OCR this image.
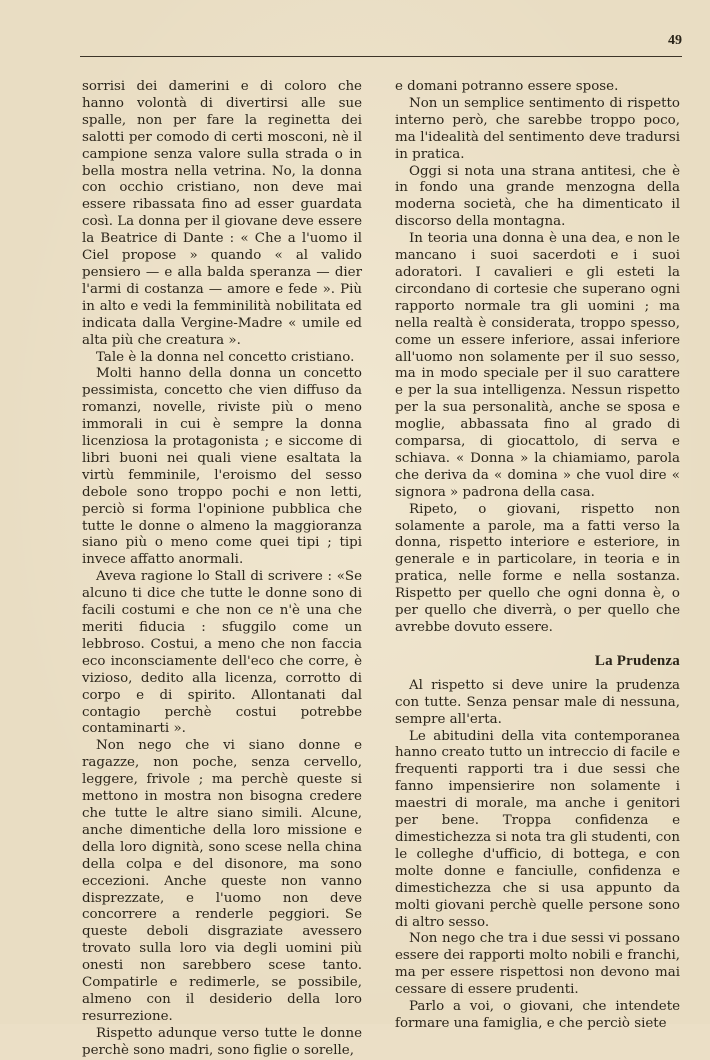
49

sorrisi dei damerini e di coloro che hanno volontà di divertirsi alle sue spalle, non per fare la reginetta dei salotti per comodo di certi mosconi, nè il campione senza valore sulla strada o in bella mostra nella vetrina. No, la donna con occhio cristiano, non deve mai essere ribassata fino ad esser guardata così. La donna per il giovane deve essere la Beatrice di Dante : « Che a l'uomo il Ciel propose » quando « al valido pensiero — e alla balda speranza — dier l'armi di costanza — amore e fede ». Più in alto e vedi la femminilità nobilitata ed indicata dalla Vergine-Madre « umile ed alta più che creatura ».

Tale è la donna nel concetto cristiano.

Molti hanno della donna un concetto pessimista, concetto che vien diffuso da romanzi, novelle, riviste più o meno immorali in cui è sempre la donna licenziosa la protagonista ; e siccome di libri buoni nei quali viene esaltata la virtù femminile, l'eroismo del sesso debole sono troppo pochi e non letti, perciò si forma l'opinione pubblica che tutte le donne o almeno la maggioranza siano più o meno come quei tipi ; tipi invece affatto anormali.

Aveva ragione lo Stall di scrivere : «Se alcuno ti dice che tutte le donne sono di facili costumi e che non ce n'è una che meriti fiducia : sfuggilo come un lebbroso. Costui, a meno che non faccia eco inconsciamente dell'eco che corre, è vizioso, dedito alla licenza, corrotto di corpo e di spirito. Allontanati dal contagio perchè costui potrebbe contaminarti ».

Non nego che vi siano donne e ragazze, non poche, senza cervello, leggere, frivole ; ma perchè queste si mettono in mostra non bisogna credere che tutte le altre siano simili. Alcune, anche dimentiche della loro missione e della loro dignità, sono scese nella china della colpa e del disonore, ma sono eccezioni. Anche queste non vanno disprezzate, e l'uomo non deve concorrere a renderle peggiori. Se queste deboli disgraziate avessero trovato sulla loro via degli uomini più onesti non sarebbero scese tanto. Compatirle e redimerle, se possibile, almeno con il desiderio della loro resurrezione.

Rispetto adunque verso tutte le donne perchè sono madri, sono figlie o sorelle,

e domani potranno essere spose.

Non un semplice sentimento di rispetto interno però, che sarebbe troppo poco, ma l'idealità del sentimento deve tradursi in pratica.

Oggi si nota una strana antitesi, che è in fondo una grande menzogna della moderna società, che ha dimenticato il discorso della montagna.

In teoria una donna è una dea, e non le mancano i suoi sacerdoti e i suoi adoratori. I cavalieri e gli esteti la circondano di cortesie che superano ogni rapporto normale tra gli uomini ; ma nella realtà è considerata, troppo spesso, come un essere inferiore, assai inferiore all'uomo non solamente per il suo sesso, ma in modo speciale per il suo carattere e per la sua intelligenza. Nessun rispetto per la sua personalità, anche se sposa e moglie, abbassata fino al grado di comparsa, di giocattolo, di serva e schiava. « Donna » la chiamiamo, parola che deriva da « domina » che vuol dire « signora » padrona della casa.

Ripeto, o giovani, rispetto non solamente a parole, ma a fatti verso la donna, rispetto interiore e esteriore, in generale e in particolare, in teoria e in pratica, nelle forme e nella sostanza. Rispetto per quello che ogni donna è, o per quello che diverrà, o per quello che avrebbe dovuto essere.

La Prudenza

Al rispetto si deve unire la prudenza con tutte. Senza pensar male di nessuna, sempre all'erta.

Le abitudini della vita contemporanea hanno creato tutto un intreccio di facile e frequenti rapporti tra i due sessi che fanno impensierire non solamente i maestri di morale, ma anche i genitori per bene. Troppa confidenza e dimestichezza si nota tra gli studenti, con le colleghe d'ufficio, di bottega, e con molte donne e fanciulle, confidenza e dimestichezza che si usa appunto da molti giovani perchè quelle persone sono di altro sesso.

Non nego che tra i due sessi vi possano essere dei rapporti molto nobili e franchi, ma per essere rispettosi non devono mai cessare di essere prudenti.

Parlo a voi, o giovani, che intendete formare una famiglia, e che perciò siete
